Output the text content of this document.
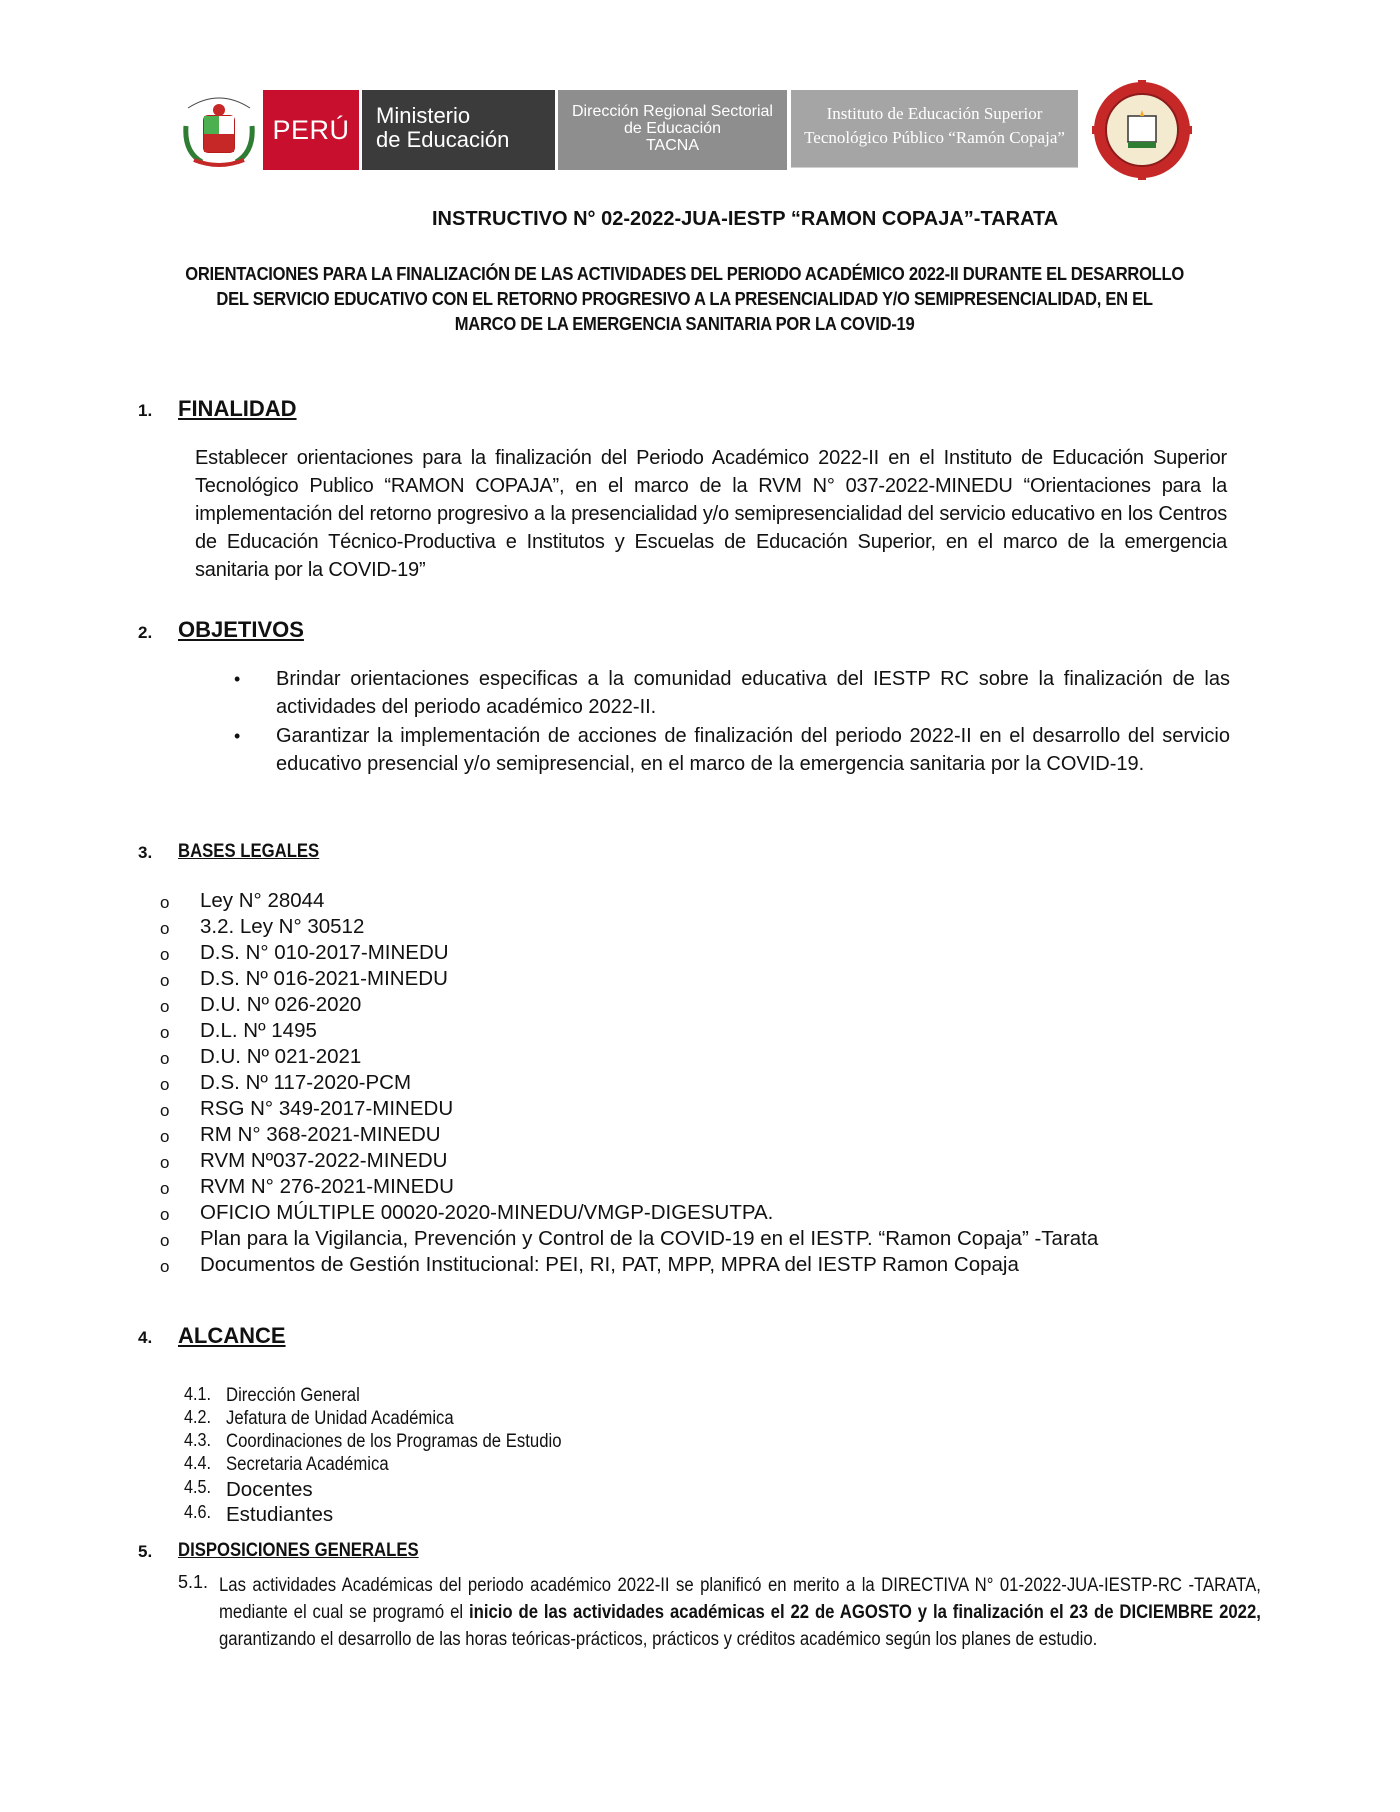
PERÚ	Ministerio
de Educación
Dirección Regional Sectorial
de Educación
TACNA
Instituto de Educación Superior
Tecnológico Público “Ramón Copaja”
INSTRUCTIVO N° 02-2022-JUA-IESTP “RAMON COPAJA”-TARATA
ORIENTACIONES PARA LA FINALIZACIÓN DE LAS ACTIVIDADES DEL PERIODO ACADÉMICO 2022-II DURANTE EL DESARROLLO
DEL SERVICIO EDUCATIVO CON EL RETORNO PROGRESIVO A LA PRESENCIALIDAD Y/O SEMIPRESENCIALIDAD, EN EL
MARCO DE LA EMERGENCIA SANITARIA POR LA COVID-19
1. FINALIDAD
Establecer orientaciones para la finalización del Periodo Académico 2022-II en el Instituto de Educación Superior Tecnológico Publico “RAMON COPAJA”, en el marco de la RVM N° 037-2022-MINEDU “Orientaciones para la implementación del retorno progresivo a la presencialidad y/o semipresencialidad del servicio educativo en los Centros de Educación Técnico-Productiva e Institutos y Escuelas de Educación Superior, en el marco de la emergencia sanitaria por la COVID-19”
2. OBJETIVOS
• Brindar orientaciones especificas a la comunidad educativa del IESTP RC sobre la finalización de las actividades del periodo académico 2022-II.
• Garantizar la implementación de acciones de finalización del periodo 2022-II en el desarrollo del servicio educativo presencial y/o semipresencial, en el marco de la emergencia sanitaria por la COVID-19.
3. BASES LEGALES
o Ley N° 28044
o 3.2. Ley N° 30512
o D.S. N° 010-2017-MINEDU
o D.S. Nº 016-2021-MINEDU
o D.U. Nº 026-2020
o D.L. Nº 1495
o D.U. Nº 021-2021
o D.S. Nº 117-2020-PCM
o RSG N° 349-2017-MINEDU
o RM N° 368-2021-MINEDU
o RVM Nº037-2022-MINEDU
o RVM N° 276-2021-MINEDU
o OFICIO MÚLTIPLE 00020-2020-MINEDU/VMGP-DIGESUTPA.
o Plan para la Vigilancia, Prevención y Control de la COVID-19 en el IESTP. “Ramon Copaja” -Tarata
o Documentos de Gestión Institucional: PEI, RI, PAT, MPP, MPRA del IESTP Ramon Copaja
4. ALCANCE
4.1. Dirección General
4.2. Jefatura de Unidad Académica
4.3. Coordinaciones de los Programas de Estudio
4.4. Secretaria Académica
4.5. Docentes
4.6. Estudiantes
5. DISPOSICIONES GENERALES
5.1. Las actividades Académicas del periodo académico 2022-II se planificó en merito a la DIRECTIVA N° 01-2022-JUA-IESTP-RC -TARATA, mediante el cual se programó el inicio de las actividades académicas el 22 de AGOSTO y la finalización el 23 de DICIEMBRE 2022, garantizando el desarrollo de las horas teóricas-prácticos, prácticos y créditos académico según los planes de estudio.
